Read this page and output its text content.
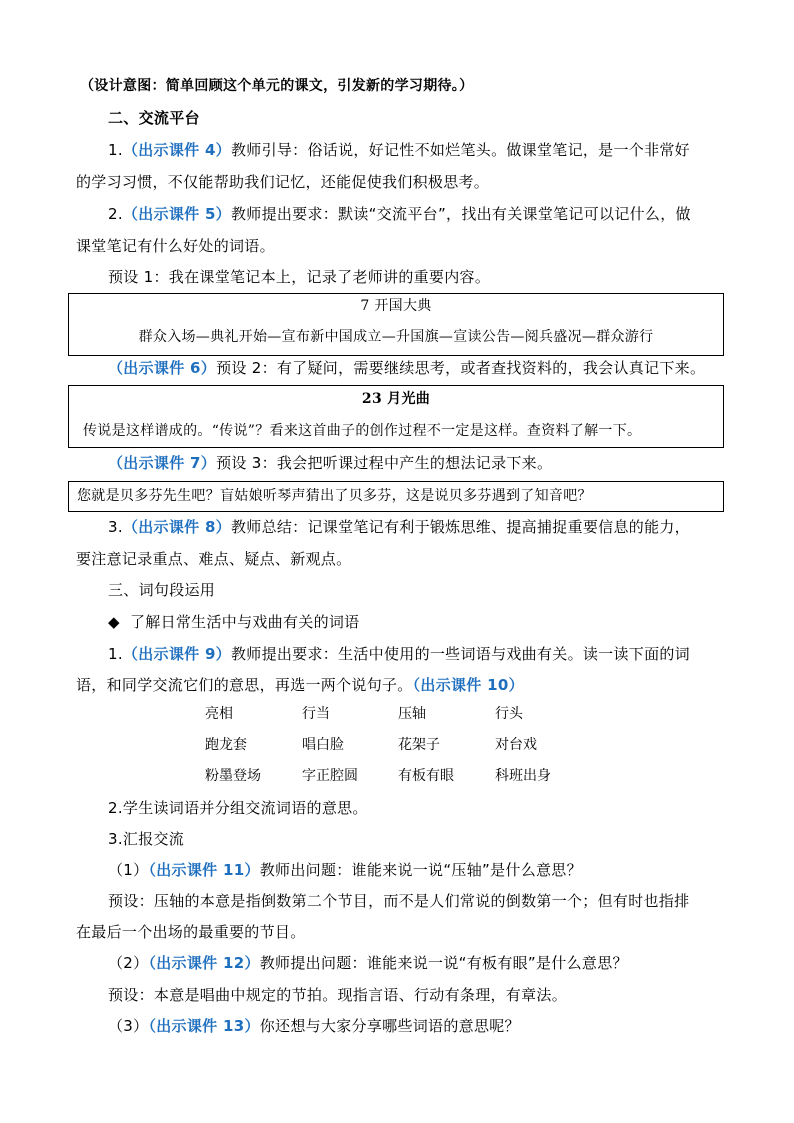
（设计意图：简单回顾这个单元的课文，引发新的学习期待。）
二、交流平台
1.（出示课件 4）教师引导：俗话说，好记性不如烂笔头。做课堂笔记，是一个非常好
的学习习惯，不仅能帮助我们记忆，还能促使我们积极思考。
2.（出示课件 5）教师提出要求：默读“交流平台”，找出有关课堂笔记可以记什么，做
课堂笔记有什么好处的词语。
预设 1：我在课堂笔记本上，记录了老师讲的重要内容。
7 开国大典
群众入场—典礼开始—宣布新中国成立—升国旗—宣读公告—阅兵盛况—群众游行
（出示课件 6）预设 2：有了疑问，需要继续思考，或者查找资料的，我会认真记下来。
23 月光曲
传说是这样谱成的。“传说”？看来这首曲子的创作过程不一定是这样。查资料了解一下。
（出示课件 7）预设 3：我会把听课过程中产生的想法记录下来。
您就是贝多芬先生吧？盲姑娘听琴声猜出了贝多芬，这是说贝多芬遇到了知音吧？
3.（出示课件 8）教师总结：记课堂笔记有利于锻炼思维、提高捕捉重要信息的能力，
要注意记录重点、难点、疑点、新观点。
三、词句段运用
◆ 了解日常生活中与戏曲有关的词语
1.（出示课件 9）教师提出要求：生活中使用的一些词语与戏曲有关。读一读下面的词
语，和同学交流它们的意思，再选一两个说句子。（出示课件 10）
亮相	行当	压轴	行头
跑龙套	唱白脸	花架子	对台戏
粉墨登场	字正腔圆	有板有眼	科班出身
2.学生读词语并分组交流词语的意思。
3.汇报交流
（1）（出示课件 11）教师出问题：谁能来说一说“压轴”是什么意思？
预设：压轴的本意是指倒数第二个节目，而不是人们常说的倒数第一个；但有时也指排
在最后一个出场的最重要的节目。
（2）（出示课件 12）教师提出问题：谁能来说一说“有板有眼”是什么意思？
预设：本意是唱曲中规定的节拍。现指言语、行动有条理，有章法。
（3）（出示课件 13）你还想与大家分享哪些词语的意思呢？
